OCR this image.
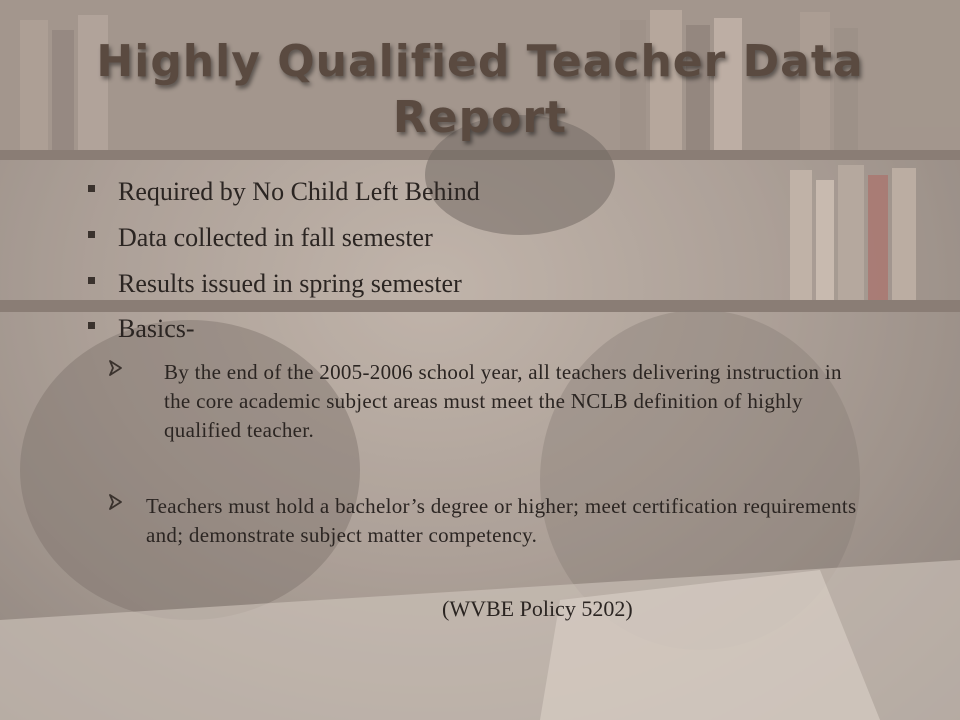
Highly Qualified Teacher Data Report
Required by No Child Left Behind
Data collected in fall semester
Results issued in spring semester
Basics-
By the end of the 2005-2006 school year, all teachers delivering instruction in the core academic subject areas must meet the NCLB definition of highly qualified teacher.
Teachers must hold a bachelor’s degree or higher; meet certification requirements and; demonstrate subject matter competency.
(WVBE Policy 5202)
